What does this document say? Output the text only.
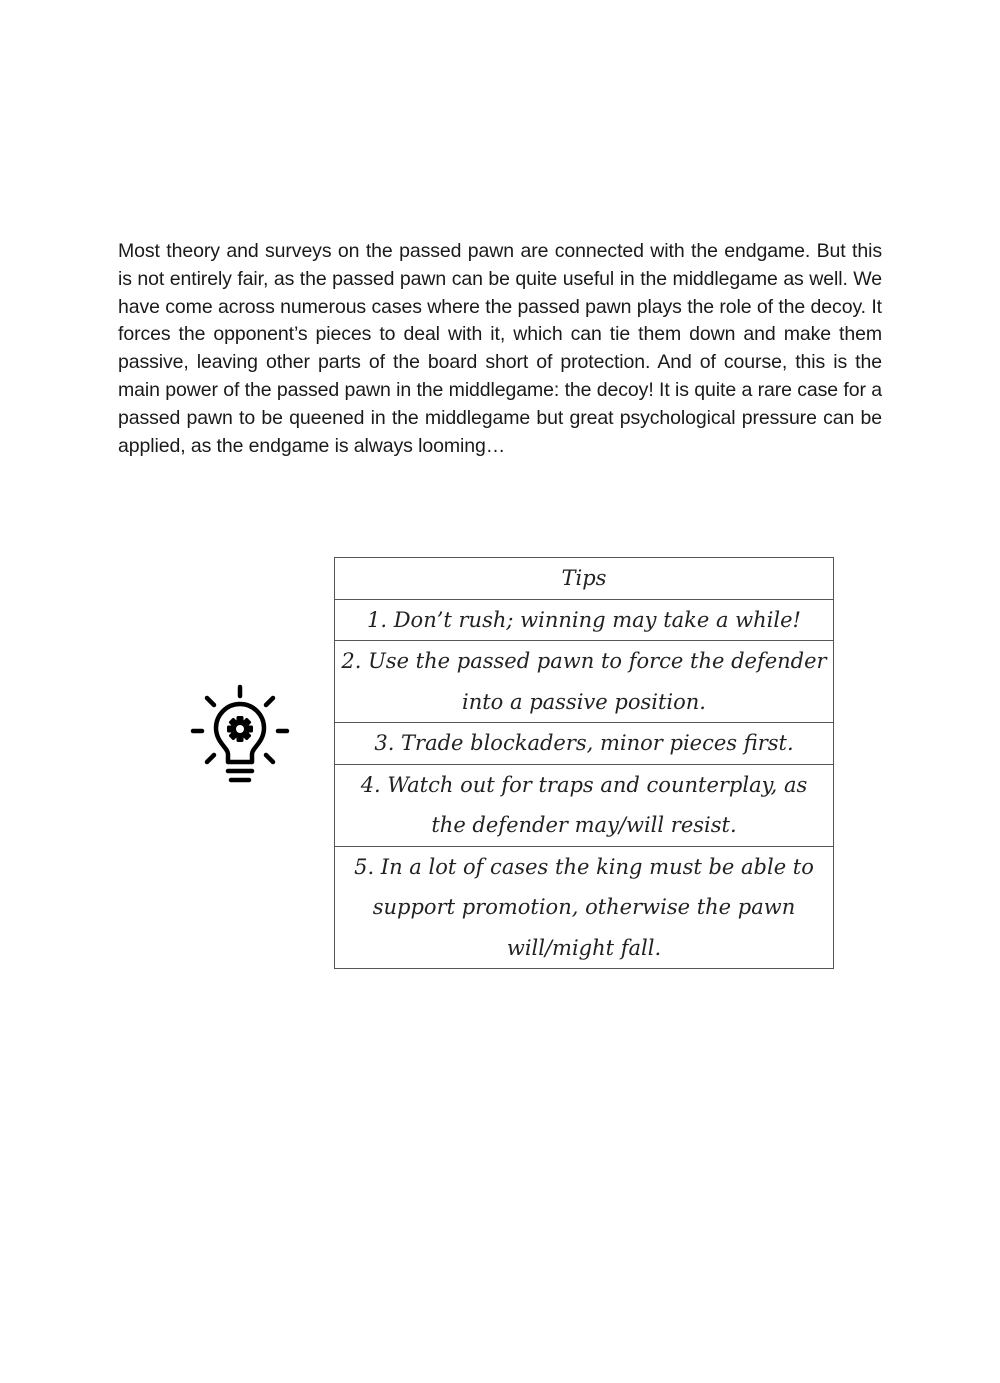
Most theory and surveys on the passed pawn are connected with the endgame. But this is not entirely fair, as the passed pawn can be quite useful in the middlegame as well. We have come across numerous cases where the passed pawn plays the role of the decoy. It forces the opponent’s pieces to deal with it, which can tie them down and make them passive, leaving other parts of the board short of protection. And of course, this is the main power of the passed pawn in the middlegame: the decoy! It is quite a rare case for a passed pawn to be queened in the middlegame but great psychological pressure can be applied, as the endgame is always looming…

Tips
1. Don’t rush; winning may take a while!
2. Use the passed pawn to force the defender into a passive position.
3. Trade blockaders, minor pieces first.
4. Watch out for traps and counterplay, as the defender may/will resist.
5. In a lot of cases the king must be able to support promotion, otherwise the pawn will/might fall.
